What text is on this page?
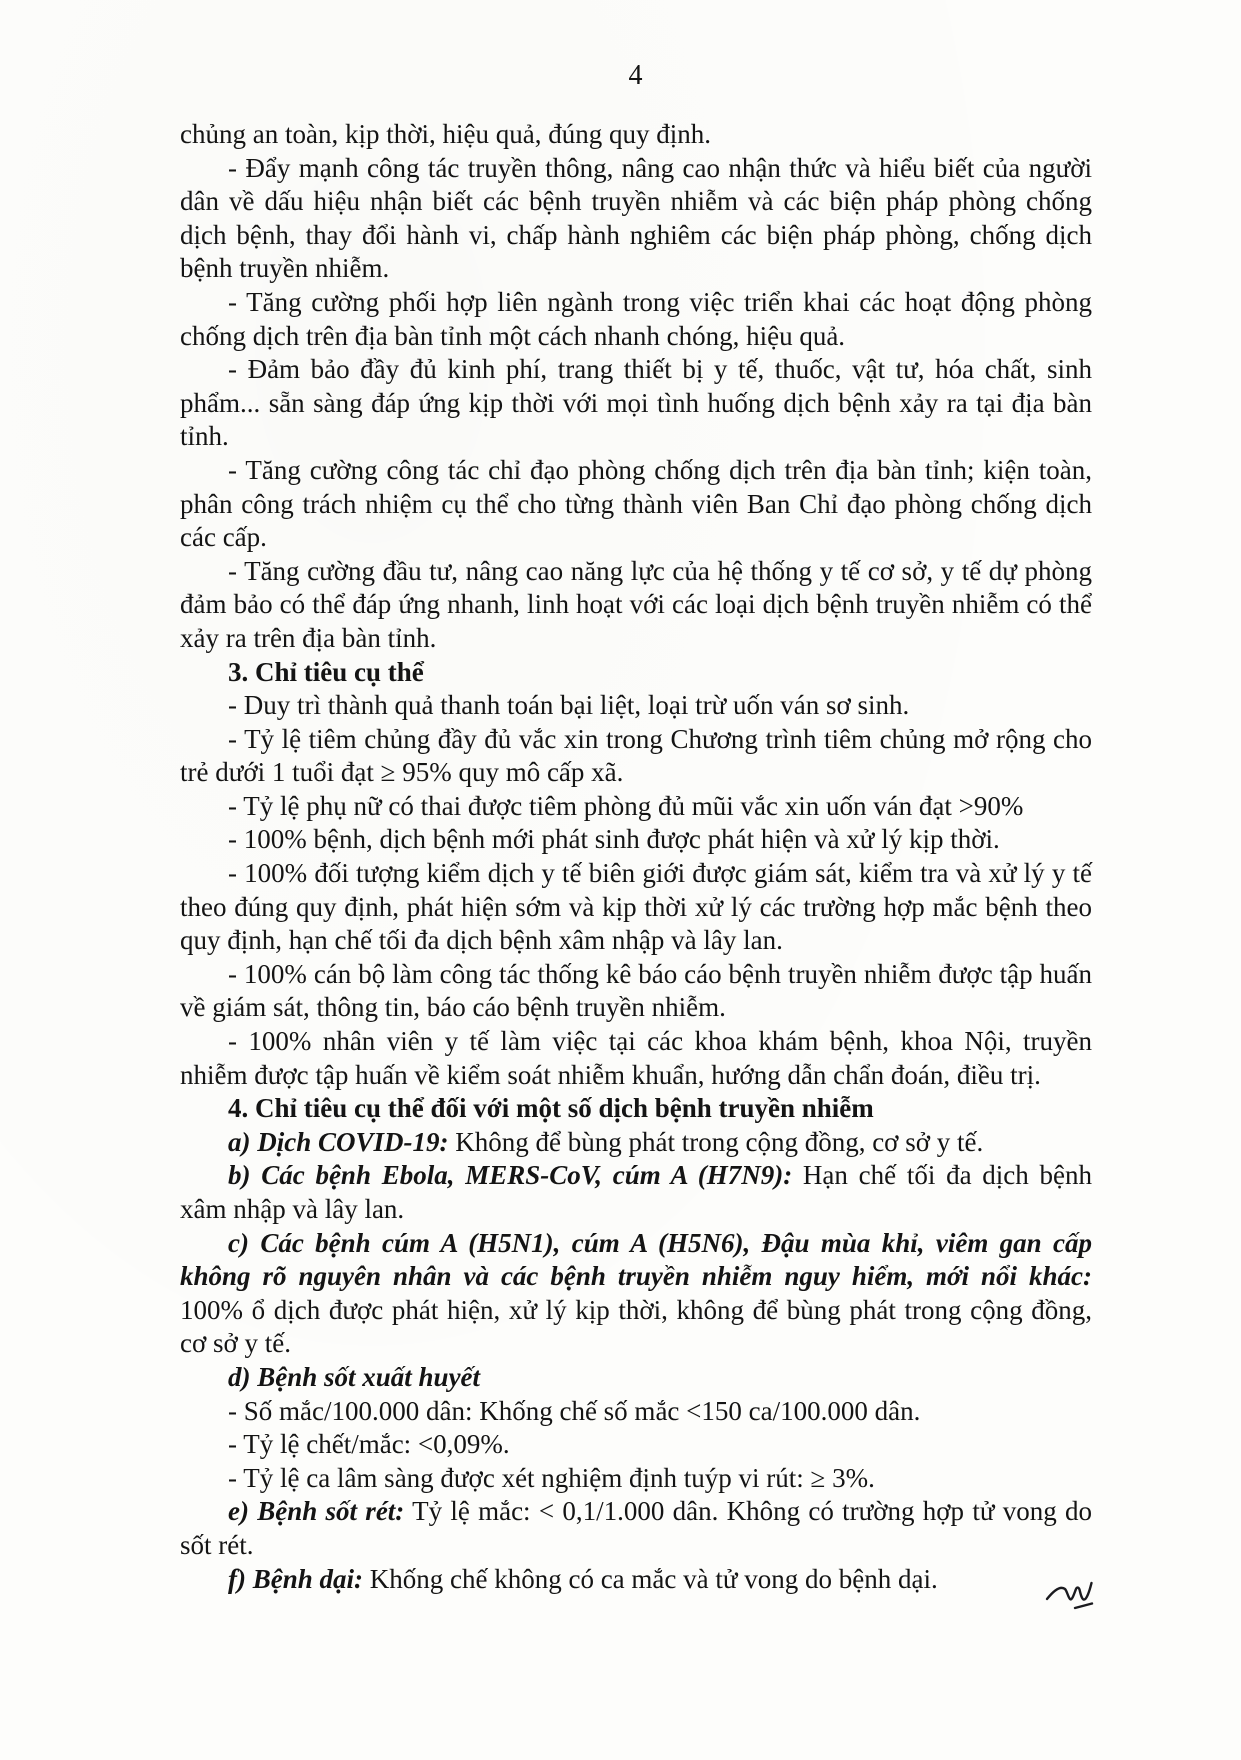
4

chủng an toàn, kịp thời, hiệu quả, đúng quy định.

- Đẩy mạnh công tác truyền thông, nâng cao nhận thức và hiểu biết của người dân về dấu hiệu nhận biết các bệnh truyền nhiễm và các biện pháp phòng chống dịch bệnh, thay đổi hành vi, chấp hành nghiêm các biện pháp phòng, chống dịch bệnh truyền nhiễm.

- Tăng cường phối hợp liên ngành trong việc triển khai các hoạt động phòng chống dịch trên địa bàn tỉnh một cách nhanh chóng, hiệu quả.

- Đảm bảo đầy đủ kinh phí, trang thiết bị y tế, thuốc, vật tư, hóa chất, sinh phẩm... sẵn sàng đáp ứng kịp thời với mọi tình huống dịch bệnh xảy ra tại địa bàn tỉnh.

- Tăng cường công tác chỉ đạo phòng chống dịch trên địa bàn tỉnh; kiện toàn, phân công trách nhiệm cụ thể cho từng thành viên Ban Chỉ đạo phòng chống dịch các cấp.

- Tăng cường đầu tư, nâng cao năng lực của hệ thống y tế cơ sở, y tế dự phòng đảm bảo có thể đáp ứng nhanh, linh hoạt với các loại dịch bệnh truyền nhiễm có thể xảy ra trên địa bàn tỉnh.

3. Chỉ tiêu cụ thể

- Duy trì thành quả thanh toán bại liệt, loại trừ uốn ván sơ sinh.

- Tỷ lệ tiêm chủng đầy đủ vắc xin trong Chương trình tiêm chủng mở rộng cho trẻ dưới 1 tuổi đạt ≥ 95% quy mô cấp xã.

- Tỷ lệ phụ nữ có thai được tiêm phòng đủ mũi vắc xin uốn ván đạt >90%

- 100% bệnh, dịch bệnh mới phát sinh được phát hiện và xử lý kịp thời.

- 100% đối tượng kiểm dịch y tế biên giới được giám sát, kiểm tra và xử lý y tế theo đúng quy định, phát hiện sớm và kịp thời xử lý các trường hợp mắc bệnh theo quy định, hạn chế tối đa dịch bệnh xâm nhập và lây lan.

- 100% cán bộ làm công tác thống kê báo cáo bệnh truyền nhiễm được tập huấn về giám sát, thông tin, báo cáo bệnh truyền nhiễm.

- 100% nhân viên y tế làm việc tại các khoa khám bệnh, khoa Nội, truyền nhiễm được tập huấn về kiểm soát nhiễm khuẩn, hướng dẫn chẩn đoán, điều trị.

4. Chỉ tiêu cụ thể đối với một số dịch bệnh truyền nhiễm

a) Dịch COVID-19: Không để bùng phát trong cộng đồng, cơ sở y tế.

b) Các bệnh Ebola, MERS-CoV, cúm A (H7N9): Hạn chế tối đa dịch bệnh xâm nhập và lây lan.

c) Các bệnh cúm A (H5N1), cúm A (H5N6), Đậu mùa khỉ, viêm gan cấp không rõ nguyên nhân và các bệnh truyền nhiễm nguy hiểm, mới nổi khác: 100% ổ dịch được phát hiện, xử lý kịp thời, không để bùng phát trong cộng đồng, cơ sở y tế.

d) Bệnh sốt xuất huyết

- Số mắc/100.000 dân: Khống chế số mắc <150 ca/100.000 dân.

- Tỷ lệ chết/mắc: <0,09%.

- Tỷ lệ ca lâm sàng được xét nghiệm định tuýp vi rút: ≥ 3%.

e) Bệnh sốt rét: Tỷ lệ mắc: < 0,1/1.000 dân. Không có trường hợp tử vong do sốt rét.

f) Bệnh dại: Khống chế không có ca mắc và tử vong do bệnh dại.
